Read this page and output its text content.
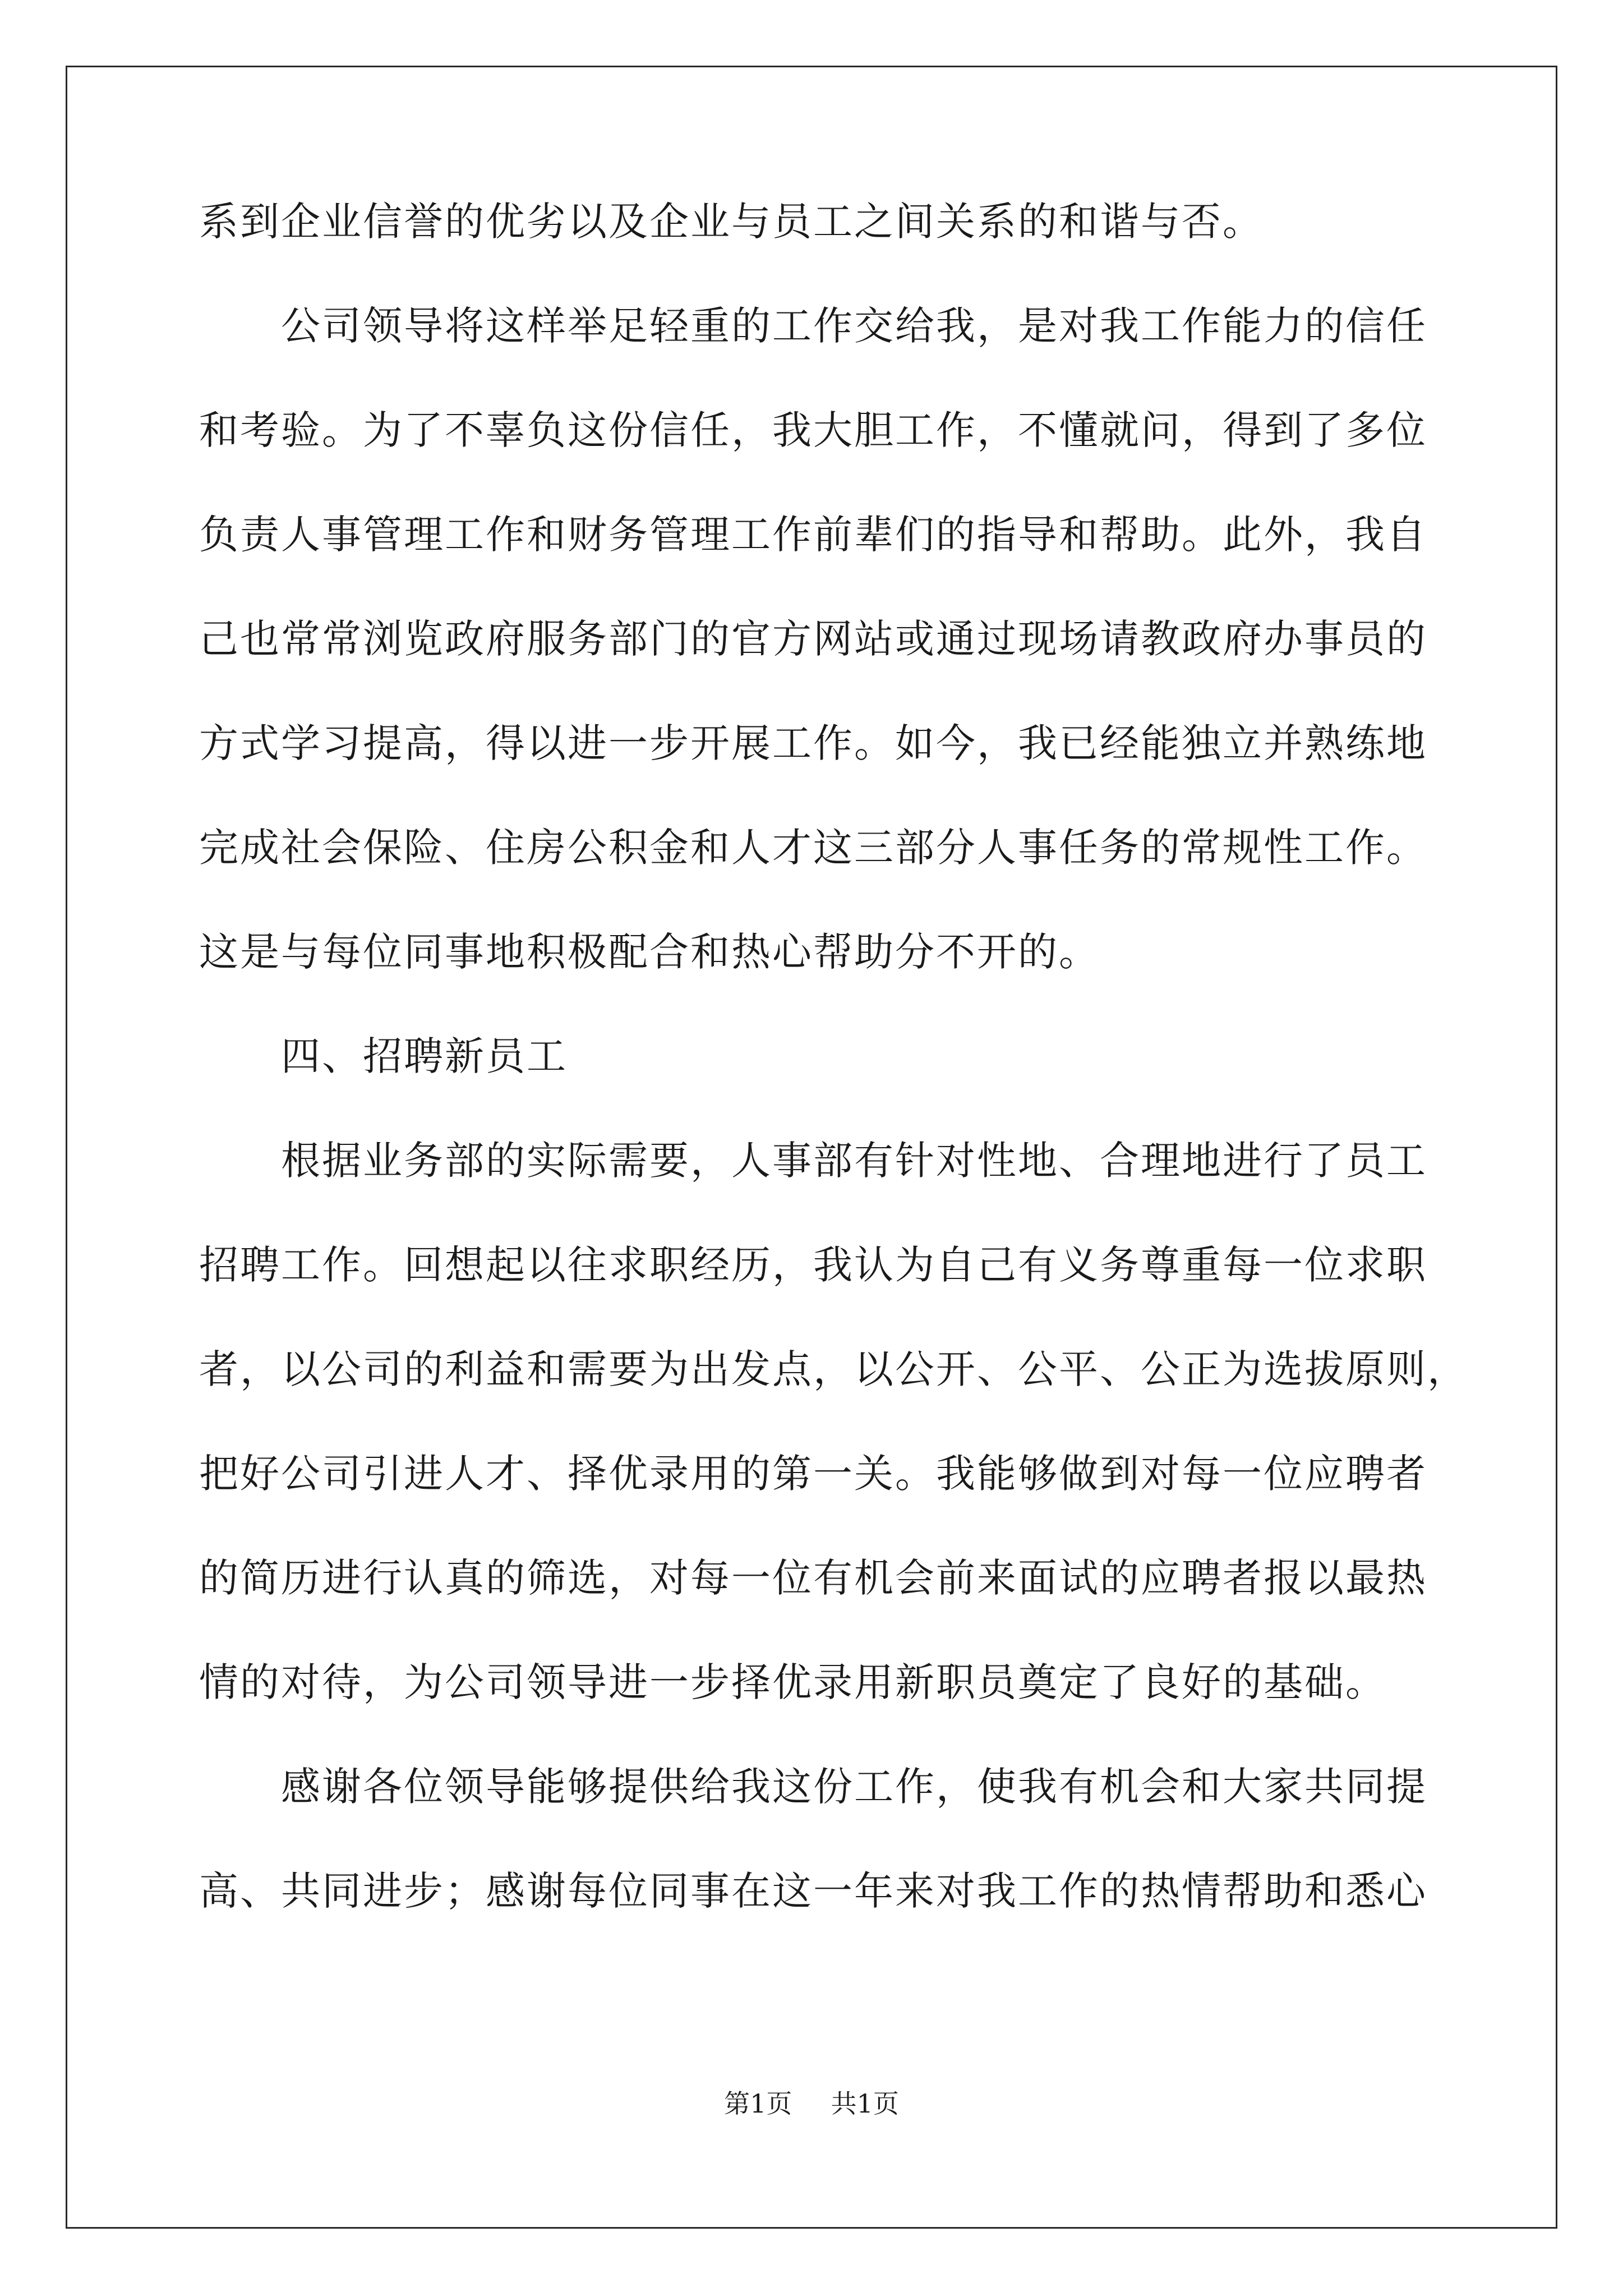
系到企业信誉的优劣以及企业与员工之间关系的和谐与否。
公司领导将这样举足轻重的工作交给我，是对我工作能力的信任
和考验。为了不辜负这份信任，我大胆工作，不懂就问，得到了多位
负责人事管理工作和财务管理工作前辈们的指导和帮助。此外，我自
己也常常浏览政府服务部门的官方网站或通过现场请教政府办事员的
方式学习提高，得以进一步开展工作。如今，我已经能独立并熟练地
完成社会保险、住房公积金和人才这三部分人事任务的常规性工作。
这是与每位同事地积极配合和热心帮助分不开的。
四、招聘新员工
根据业务部的实际需要，人事部有针对性地、合理地进行了员工
招聘工作。回想起以往求职经历，我认为自己有义务尊重每一位求职
者，以公司的利益和需要为出发点，以公开、公平、公正为选拔原则，
把好公司引进人才、择优录用的第一关。我能够做到对每一位应聘者
的简历进行认真的筛选，对每一位有机会前来面试的应聘者报以最热
情的对待，为公司领导进一步择优录用新职员奠定了良好的基础。
感谢各位领导能够提供给我这份工作，使我有机会和大家共同提
高、共同进步；感谢每位同事在这一年来对我工作的热情帮助和悉心
第1页 共1页
